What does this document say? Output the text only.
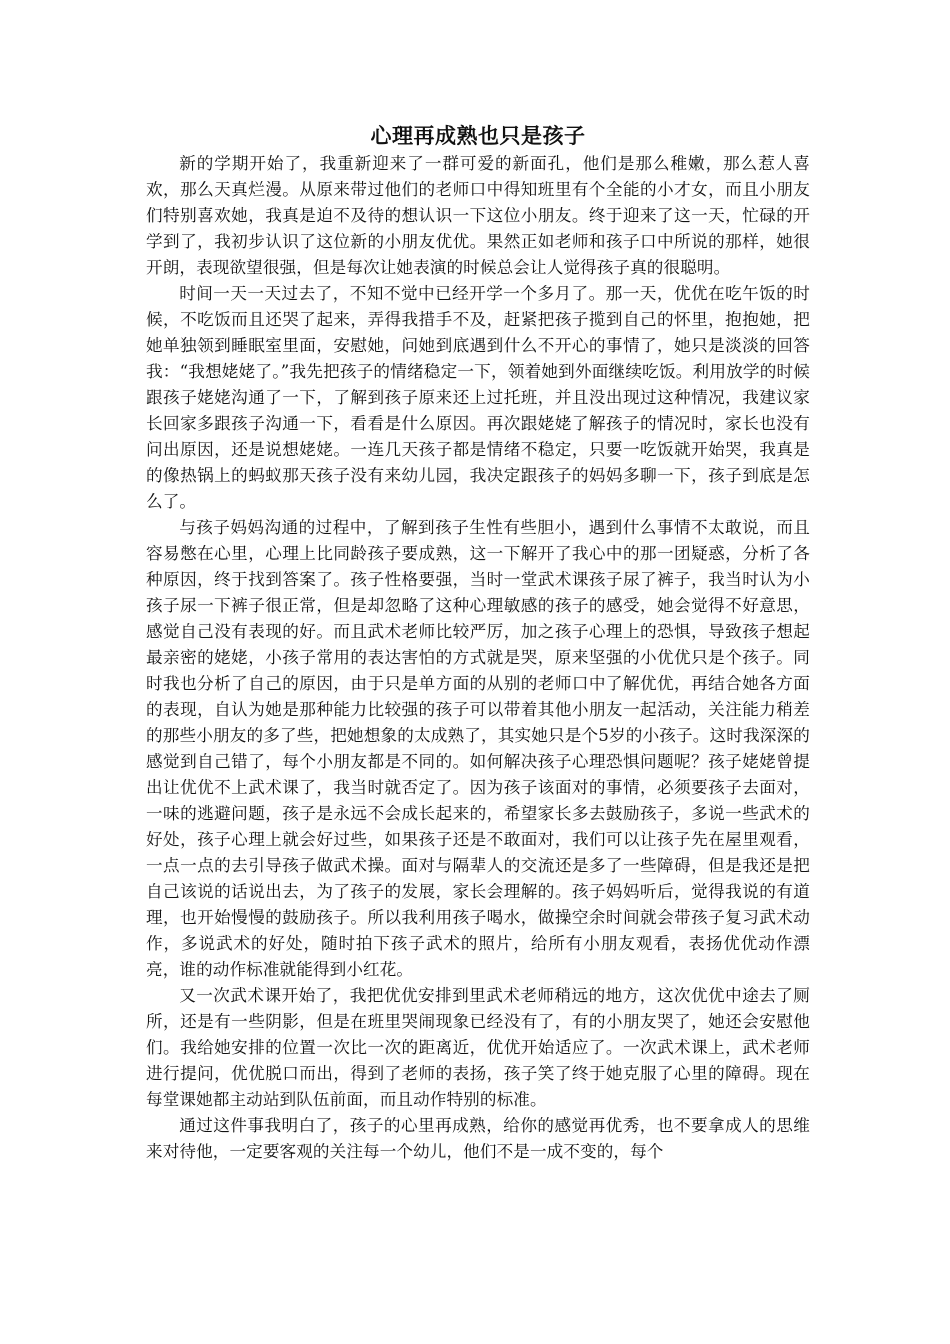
心理再成熟也只是孩子

新的学期开始了，我重新迎来了一群可爱的新面孔，他们是那么稚嫩，那么惹人喜欢，那么天真烂漫。从原来带过他们的老师口中得知班里有个全能的小才女，而且小朋友们特别喜欢她，我真是迫不及待的想认识一下这位小朋友。终于迎来了这一天，忙碌的开学到了，我初步认识了这位新的小朋友优优。果然正如老师和孩子口中所说的那样，她很开朗，表现欲望很强，但是每次让她表演的时候总会让人觉得孩子真的很聪明。

时间一天一天过去了，不知不觉中已经开学一个多月了。那一天，优优在吃午饭的时候，不吃饭而且还哭了起来，弄得我措手不及，赶紧把孩子揽到自己的怀里，抱抱她，把她单独领到睡眠室里面，安慰她，问她到底遇到什么不开心的事情了，她只是淡淡的回答我：“我想姥姥了。”我先把孩子的情绪稳定一下，领着她到外面继续吃饭。利用放学的时候跟孩子姥姥沟通了一下，了解到孩子原来还上过托班，并且没出现过这种情况，我建议家长回家多跟孩子沟通一下，看看是什么原因。再次跟姥姥了解孩子的情况时，家长也没有问出原因，还是说想姥姥。一连几天孩子都是情绪不稳定，只要一吃饭就开始哭，我真是的像热锅上的蚂蚁那天孩子没有来幼儿园，我决定跟孩子的妈妈多聊一下，孩子到底是怎么了。

与孩子妈妈沟通的过程中，了解到孩子生性有些胆小，遇到什么事情不太敢说，而且容易憋在心里，心理上比同龄孩子要成熟，这一下解开了我心中的那一团疑惑，分析了各种原因，终于找到答案了。孩子性格要强，当时一堂武术课孩子尿了裤子，我当时认为小孩子尿一下裤子很正常，但是却忽略了这种心理敏感的孩子的感受，她会觉得不好意思，感觉自己没有表现的好。而且武术老师比较严厉，加之孩子心理上的恐惧，导致孩子想起最亲密的姥姥，小孩子常用的表达害怕的方式就是哭，原来坚强的小优优只是个孩子。同时我也分析了自己的原因，由于只是单方面的从别的老师口中了解优优，再结合她各方面的表现，自认为她是那种能力比较强的孩子可以带着其他小朋友一起活动，关注能力稍差的那些小朋友的多了些，把她想象的太成熟了，其实她只是个5岁的小孩子。这时我深深的感觉到自己错了，每个小朋友都是不同的。如何解决孩子心理恐惧问题呢？孩子姥姥曾提出让优优不上武术课了，我当时就否定了。因为孩子该面对的事情，必须要孩子去面对，一味的逃避问题，孩子是永远不会成长起来的，希望家长多去鼓励孩子，多说一些武术的好处，孩子心理上就会好过些，如果孩子还是不敢面对，我们可以让孩子先在屋里观看，一点一点的去引导孩子做武术操。面对与隔辈人的交流还是多了一些障碍，但是我还是把自己该说的话说出去，为了孩子的发展，家长会理解的。孩子妈妈听后，觉得我说的有道理，也开始慢慢的鼓励孩子。所以我利用孩子喝水，做操空余时间就会带孩子复习武术动作，多说武术的好处，随时拍下孩子武术的照片，给所有小朋友观看，表扬优优动作漂亮，谁的动作标准就能得到小红花。

又一次武术课开始了，我把优优安排到里武术老师稍远的地方，这次优优中途去了厕所，还是有一些阴影，但是在班里哭闹现象已经没有了，有的小朋友哭了，她还会安慰他们。我给她安排的位置一次比一次的距离近，优优开始适应了。一次武术课上，武术老师进行提问，优优脱口而出，得到了老师的表扬，孩子笑了终于她克服了心里的障碍。现在每堂课她都主动站到队伍前面，而且动作特别的标准。

通过这件事我明白了，孩子的心里再成熟，给你的感觉再优秀，也不要拿成人的思维来对待他，一定要客观的关注每一个幼儿，他们不是一成不变的，每个
